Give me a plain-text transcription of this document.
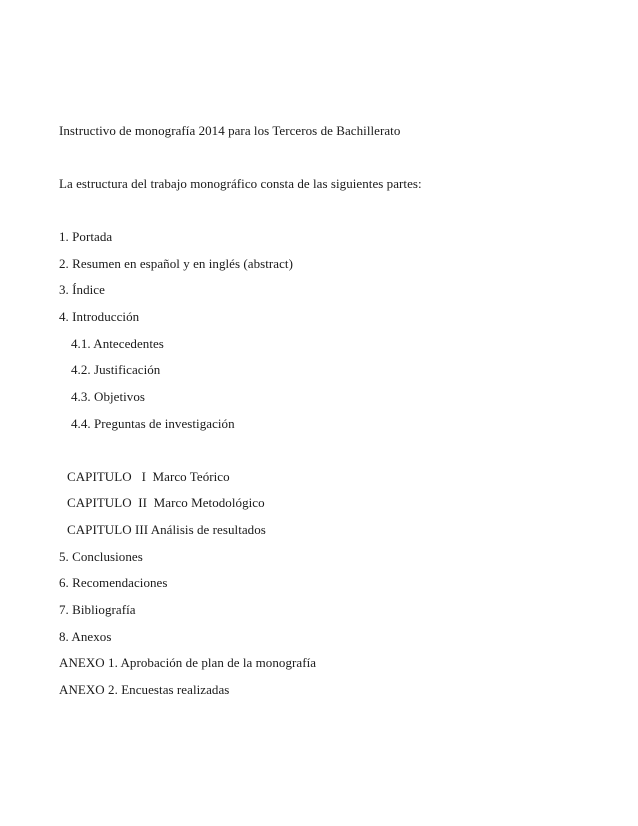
Instructivo de monografía 2014 para los Terceros de Bachillerato
La estructura del trabajo monográfico consta de las siguientes partes:
1. Portada
2. Resumen en español y en inglés (abstract)
3. Índice
4. Introducción
4.1. Antecedentes
4.2. Justificación
4.3. Objetivos
4.4. Preguntas de investigación
CAPITULO   I  Marco Teórico
CAPITULO  II  Marco Metodológico
CAPITULO III Análisis de resultados
5. Conclusiones
6. Recomendaciones
7. Bibliografía
8. Anexos
ANEXO 1. Aprobación de plan de la monografía
ANEXO 2. Encuestas realizadas
